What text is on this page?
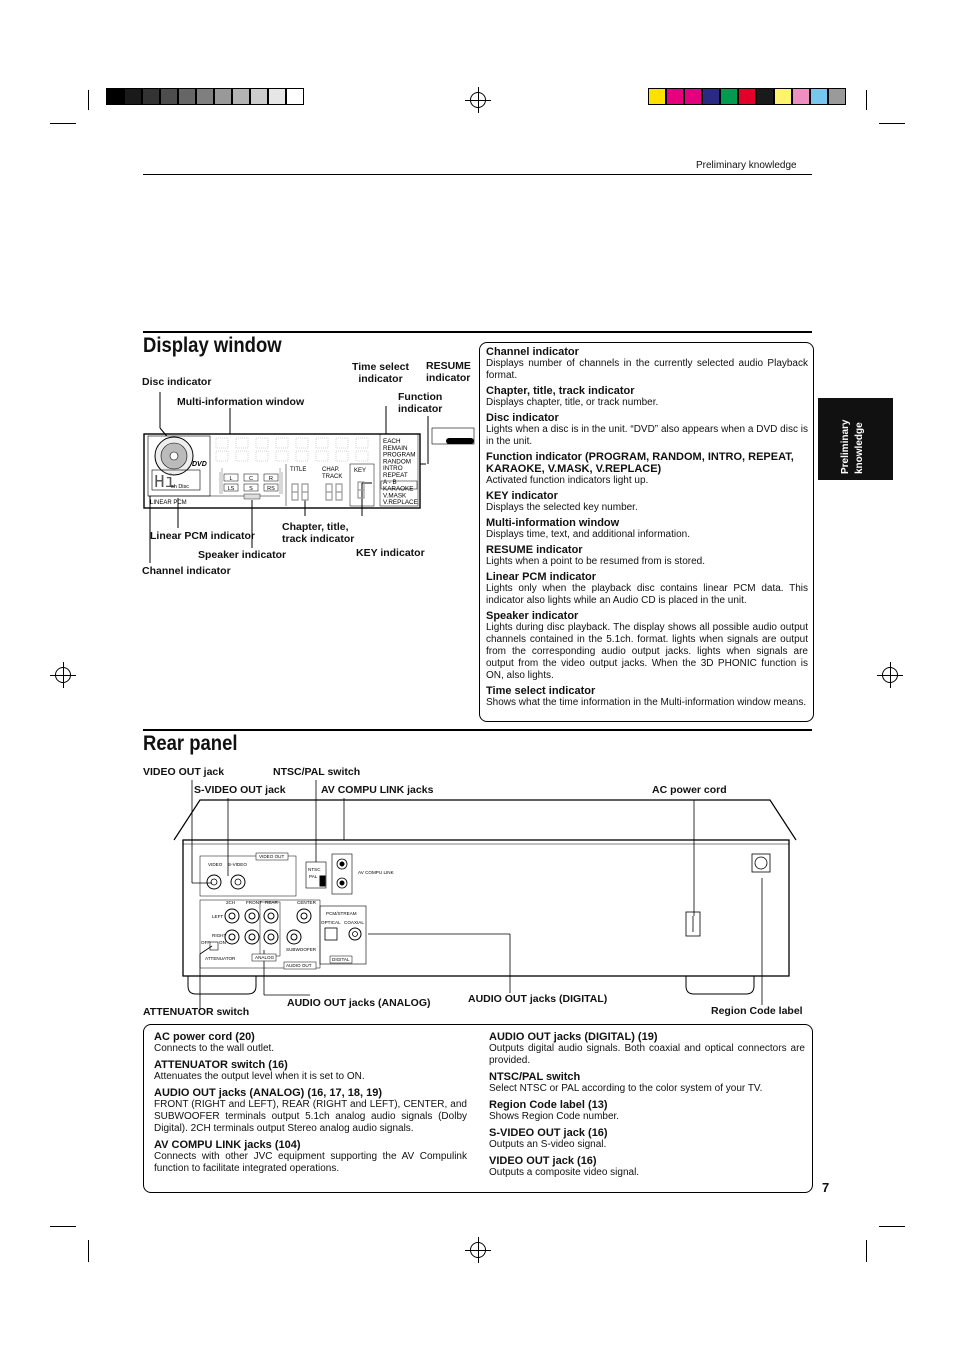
Preliminary knowledge
Preliminary knowledge
Display window
Disc indicator
Multi-information window
Time select
indicator
RESUME
indicator
Function
indicator
Linear PCM indicator
Chapter, title,
track indicator
KEY indicator
Speaker indicator
Channel indicator
DVD
Hi
sh Disc
LINEAR PCM
L	C	R
LS	S	RS
TITLE	CHAP.
TRACK
KEY
EACH
REMAIN
PROGRAM
RANDOM
INTRO
REPEAT
A - B
KARAOKE
V.MASK
V.REPLACE

Channel indicator

Displays number of channels in the currently selected audio Playback format.

Chapter, title, track indicator

Displays chapter, title, or track number.

Disc indicator

Lights when a disc is in the unit. “DVD” also appears when a DVD disc is in the unit.

Function indicator (PROGRAM, RANDOM, INTRO, REPEAT, KARAOKE, V.MASK, V.REPLACE)

Activated function indicators light up.

KEY indicator

Displays the selected key number.

Multi-information window

Displays time, text, and additional information.

RESUME indicator

Lights when a point to be resumed from is stored.

Linear PCM indicator

Lights only when the playback disc contains linear PCM data. This indicator also lights while an Audio CD is placed in the unit.

Speaker indicator

Lights during disc playback. The display shows all possible audio output channels contained in the 5.1ch. format. lights when signals are output from the corresponding audio output jacks. lights when signals are output from the video output jacks. When the 3D PHONIC function is ON, also lights.

Time select indicator

Shows what the time information in the Multi-information window means.

Rear panel
VIDEO OUT jack	NTSC/PAL switch
S-VIDEO OUT jack	AV COMPU LINK jacks	AC power cord
ATTENUATOR switch
AUDIO OUT jacks (ANALOG)	AUDIO OUT jacks (DIGITAL)
Region Code label
VIDEO S-VIDEO
VIDEO OUT
NTSC
PAL
AV COMPU LINK
2CH FRONT REAR	CENTER
LEFT
RIGHT
OFF ON
ATTENUATOR	ANALOG
SUBWOOFER
AUDIO OUT
PCM/STREAM
OPTICAL COAXIAL
DIGITAL

AC power cord (20)

Connects to the wall outlet.

ATTENUATOR switch (16)

Attenuates the output level when it is set to ON.

AUDIO OUT jacks (ANALOG) (16, 17, 18, 19)

FRONT (RIGHT and LEFT), REAR (RIGHT and LEFT), CENTER, and SUBWOOFER terminals output 5.1ch analog audio signals (Dolby Digital). 2CH terminals output Stereo analog audio signals.

AV COMPU LINK jacks (104)

Connects with other JVC equipment supporting the AV Compulink function to facilitate integrated operations.

AUDIO OUT jacks (DIGITAL) (19)

Outputs digital audio signals. Both coaxial and optical connectors are provided.

NTSC/PAL switch

Select NTSC or PAL according to the color system of your TV.

Region Code label (13)

Shows Region Code number.

S-VIDEO OUT jack (16)

Outputs an S-video signal.

VIDEO OUT jack (16)

Outputs a composite video signal.

7
